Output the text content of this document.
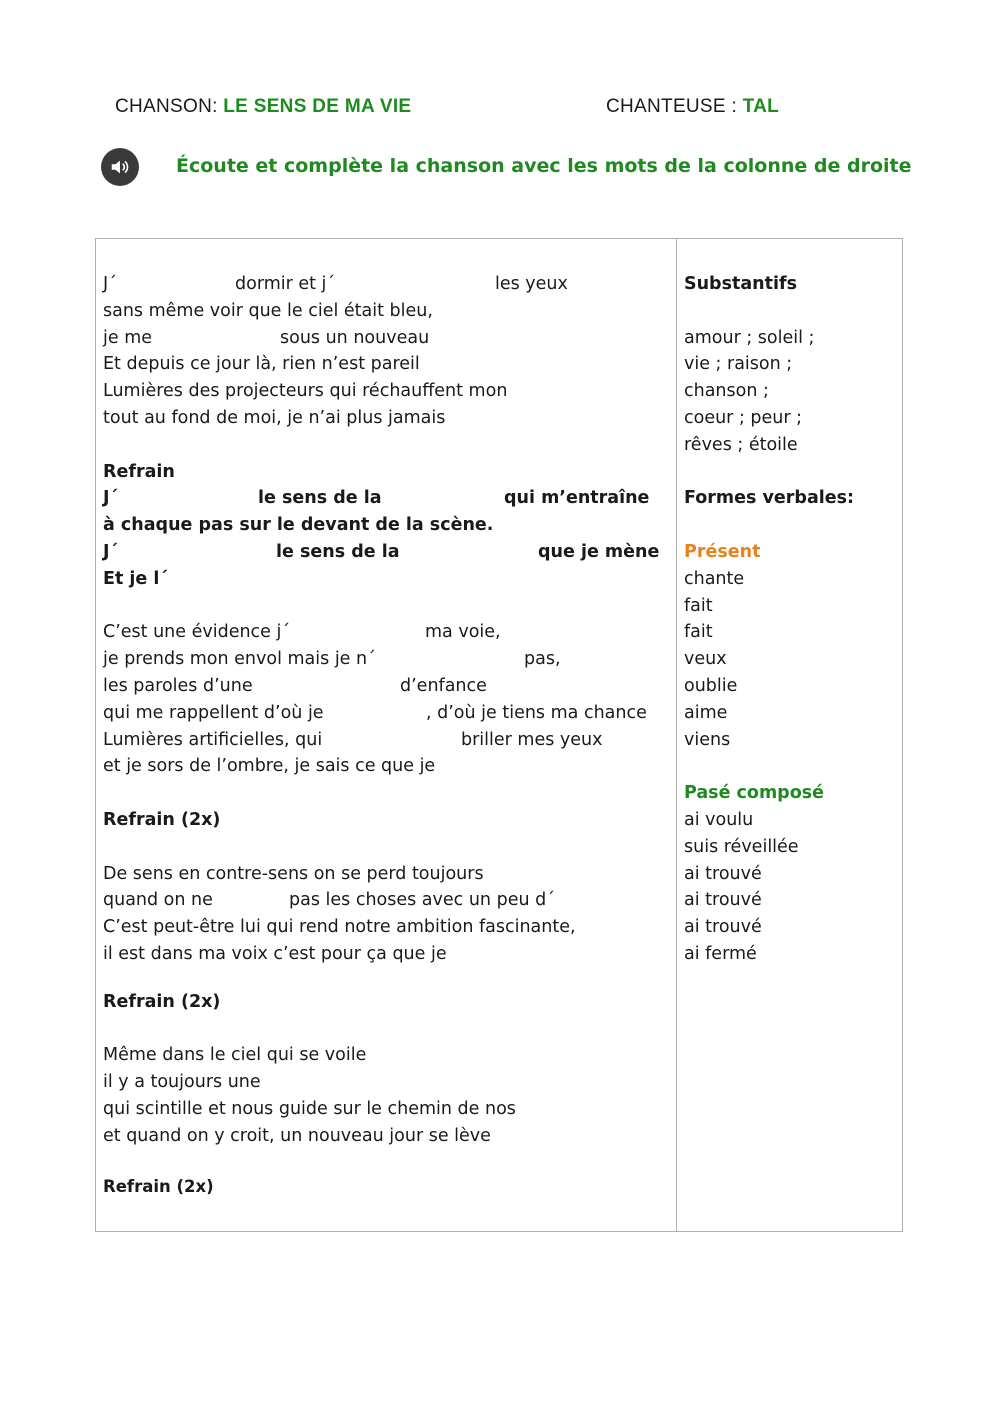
CHANSON: LE SENS DE MA VIE	CHANTEUSE : TAL
Écoute et complète la chanson avec les mots de la colonne de droite
J´	dormir et j´	les yeux
sans même voir que le ciel était bleu,
je me	sous un nouveau
Et depuis ce jour là, rien n’est pareil
Lumières des projecteurs qui réchauffent mon
tout au fond de moi, je n’ai plus jamais
Refrain
J´	le sens de la	qui m’entraîne
à chaque pas sur le devant de la scène.
J´	le sens de la	que je mène
Et je l´
C’est une évidence j´	ma voie,
je prends mon envol mais je n´	pas,
les paroles d’une	d’enfance
qui me rappellent d’où je	, d’où je tiens ma chance
Lumières artificielles, qui	briller mes yeux
et je sors de l’ombre, je sais ce que je
Refrain (2x)
De sens en contre-sens on se perd toujours
quand on ne	pas les choses avec un peu d´
C’est peut-être lui qui rend notre ambition fascinante,
il est dans ma voix c’est pour ça que je
Refrain (2x)
Même dans le ciel qui se voile
il y a toujours une
qui scintille et nous guide sur le chemin de nos
et quand on y croit, un nouveau jour se lève
Refrain (2x)
Substantifs
amour ; soleil ;
vie ; raison ;
chanson ;
coeur ; peur ;
rêves ; étoile
Formes verbales:
Présent
chante
fait
fait
veux
oublie
aime
viens
Pasé composé
ai voulu
suis réveillée
ai trouvé
ai trouvé
ai trouvé
ai fermé
